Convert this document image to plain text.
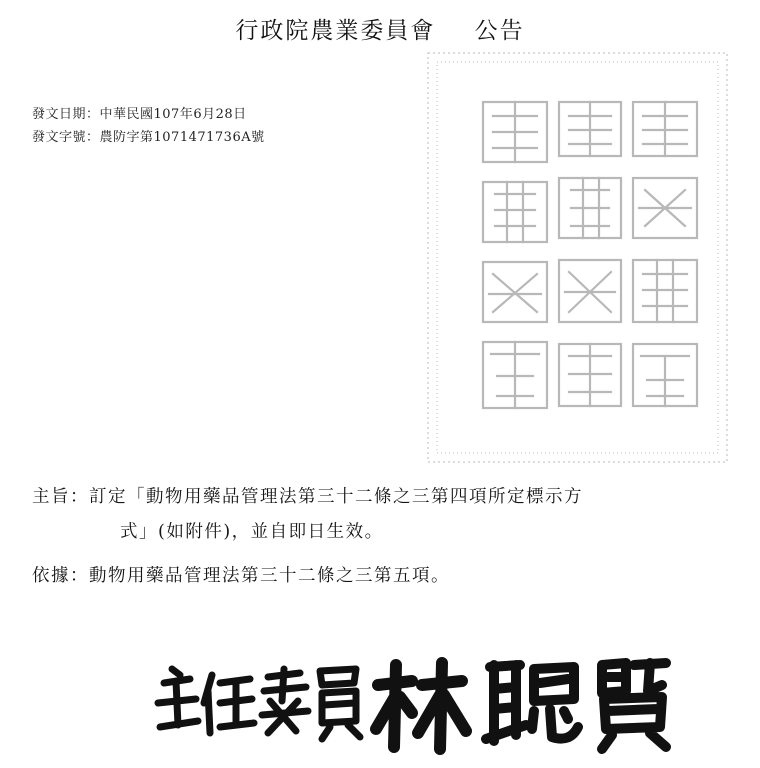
行政院農業委員會 公告
發文日期：中華民國107年6月28日
發文字號：農防字第1071471736A號
主旨：訂定「動物用藥品管理法第三十二條之三第四項所定標示方
式」(如附件)，並自即日生效。
依據：動物用藥品管理法第三十二條之三第五項。
